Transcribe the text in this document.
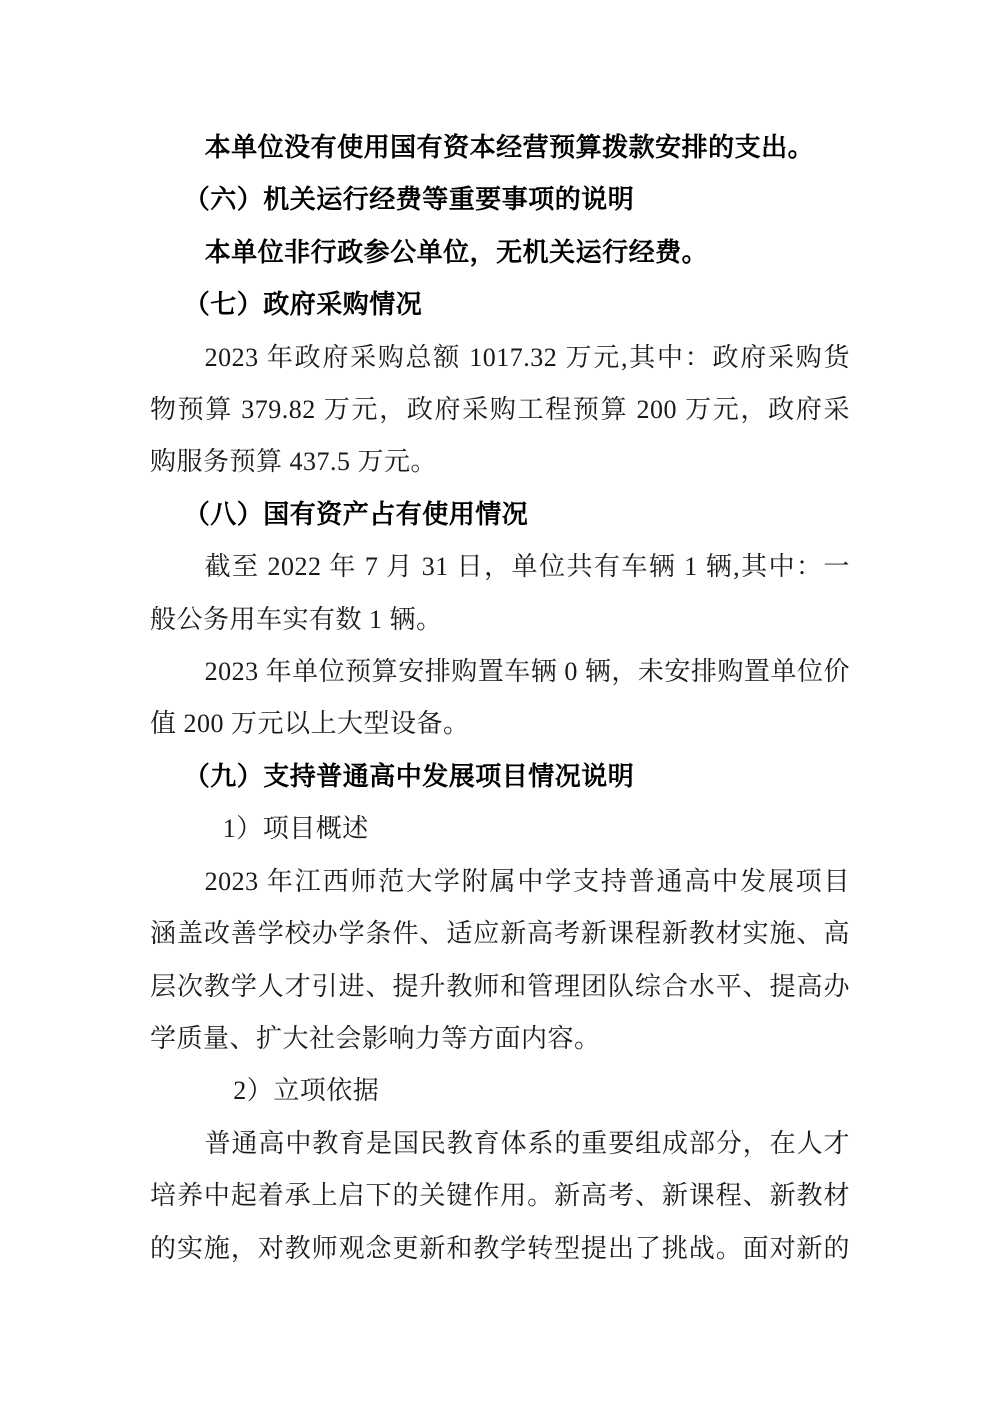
本单位没有使用国有资本经营预算拨款安排的支出。
（六）机关运行经费等重要事项的说明
本单位非行政参公单位，无机关运行经费。
（七）政府采购情况
2023 年政府采购总额 1017.32 万元,其中：政府采购货
物预算 379.82 万元，政府采购工程预算 200 万元，政府采
购服务预算 437.5 万元。
（八）国有资产占有使用情况
截至 2022 年 7 月 31 日，单位共有车辆 1 辆,其中：一
般公务用车实有数 1 辆。
2023 年单位预算安排购置车辆 0 辆，未安排购置单位价
值 200 万元以上大型设备。
（九）支持普通高中发展项目情况说明
1）项目概述
2023 年江西师范大学附属中学支持普通高中发展项目
涵盖改善学校办学条件、适应新高考新课程新教材实施、高
层次教学人才引进、提升教师和管理团队综合水平、提高办
学质量、扩大社会影响力等方面内容。
2）立项依据
普通高中教育是国民教育体系的重要组成部分，在人才
培养中起着承上启下的关键作用。新高考、新课程、新教材
的实施，对教师观念更新和教学转型提出了挑战。面对新的
